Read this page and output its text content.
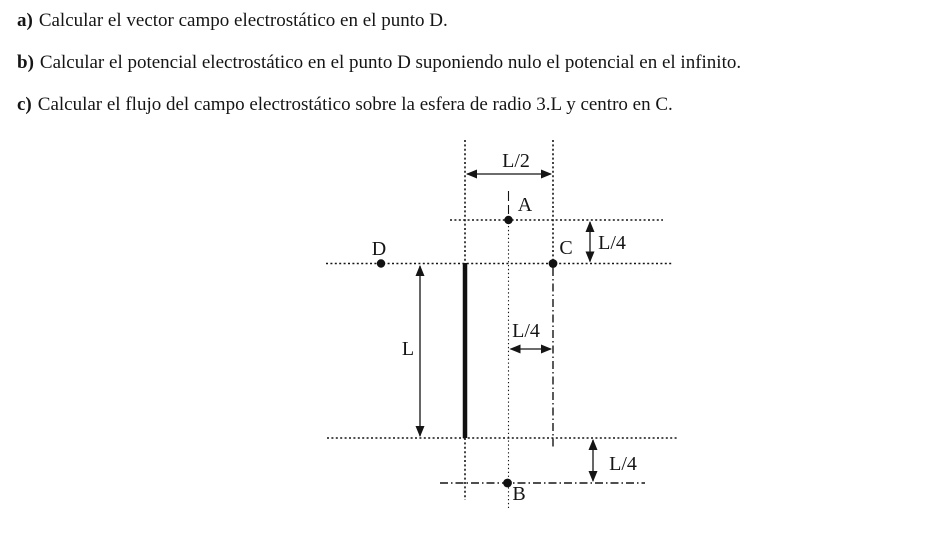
a) Calcular el vector campo electrostático en el punto D.
b) Calcular el potencial electrostático en el punto D suponiendo nulo el potencial en el infinito.
c) Calcular el flujo del campo electrostático sobre la esfera de radio 3.L y centro en C.
L/2
A
C L/4
D
L
L/4
L/4
B
